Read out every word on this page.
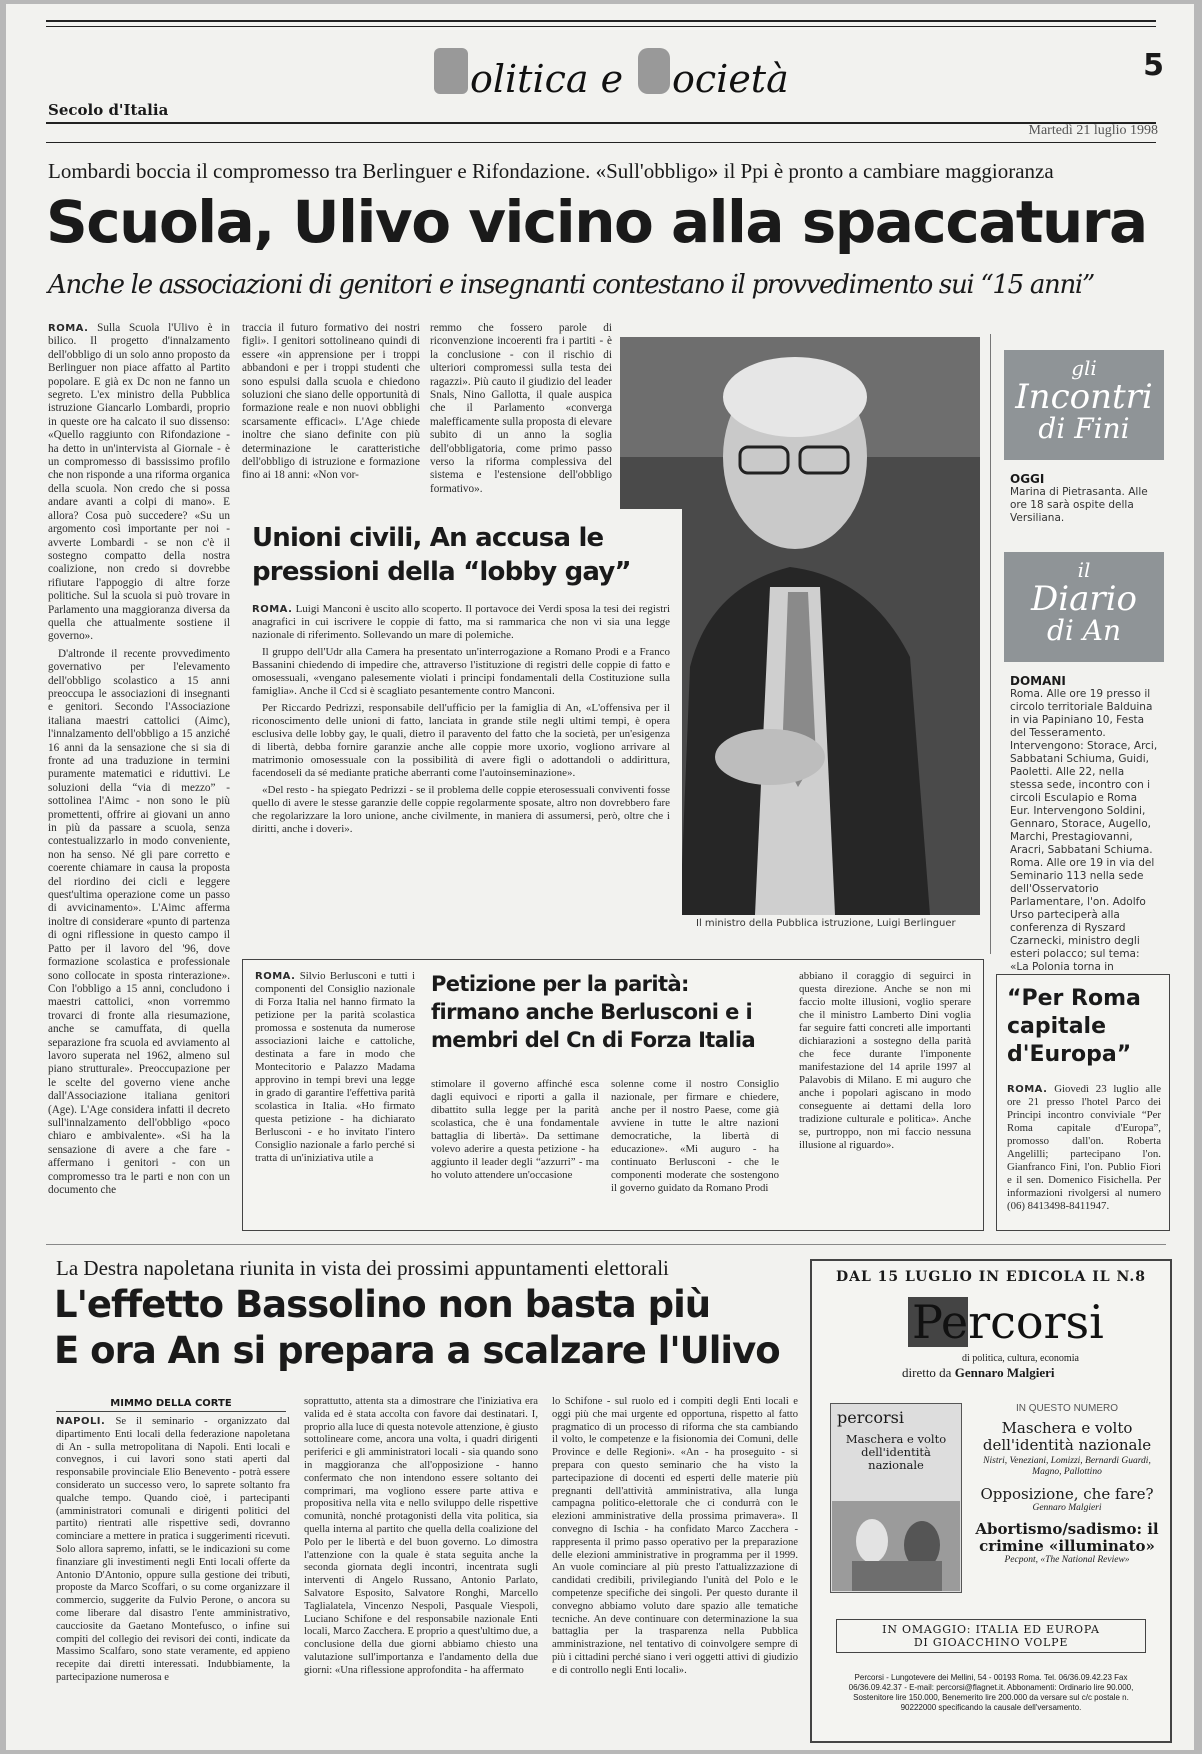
olitica e ocietà	5
Secolo d'Italia
Martedì 21 luglio 1998
Lombardi boccia il compromesso tra Berlinguer e Rifondazione. «Sull'obbligo» il Ppi è pronto a cambiare maggioranza
Scuola, Ulivo vicino alla spaccatura
Anche le associazioni di genitori e insegnanti contestano il provvedimento sui “15 anni”

ROMA. Sulla Scuola l'Ulivo è in bilico. Il progetto d'innalzamento dell'obbligo di un solo anno proposto da Berlinguer non piace affatto al Partito popolare. E già ex Dc non ne fanno un segreto. L'ex ministro della Pubblica istruzione Giancarlo Lombardi, proprio in queste ore ha calcato il suo dissenso: «Quello raggiunto con Rifondazione - ha detto in un'intervista al Giornale - è un compromesso di bassissimo profilo che non risponde a una riforma organica della scuola. Non credo che si possa andare avanti a colpi di mano». E allora? Cosa può succedere? «Su un argomento così importante per noi - avverte Lombardi - se non c'è il sostegno compatto della nostra coalizione, non credo si dovrebbe rifiutare l'appoggio di altre forze politiche. Sul la scuola si può trovare in Parlamento una maggioranza diversa da quella che attualmente sostiene il governo».

D'altronde il recente provvedimento governativo per l'elevamento dell'obbligo scolastico a 15 anni preoccupa le associazioni di insegnanti e genitori. Secondo l'Associazione italiana maestri cattolici (Aimc), l'innalzamento dell'obbligo a 15 anziché 16 anni da la sensazione che si sia di fronte ad una traduzione in termini puramente matematici e riduttivi. Le soluzioni della “via di mezzo” - sottolinea l'Aimc - non sono le più promettenti, offrire ai giovani un anno in più da passare a scuola, senza contestualizzarlo in modo conveniente, non ha senso. Né gli pare corretto e coerente chiamare in causa la proposta del riordino dei cicli e leggere quest'ultima operazione come un passo di avvicinamento». L'Aimc afferma inoltre di considerare «punto di partenza di ogni riflessione in questo campo il Patto per il lavoro del '96, dove formazione scolastica e professionale sono collocate in sposta rinterazione». Con l'obbligo a 15 anni, concludono i maestri cattolici, «non vorremmo trovarci di fronte alla riesumazione, anche se camuffata, di quella separazione fra scuola ed avviamento al lavoro superata nel 1962, almeno sul piano strutturale». Preoccupazione per le scelte del governo viene anche dall'Associazione italiana genitori (Age). L'Age considera infatti il decreto sull'innalzamento dell'obbligo «poco chiaro e ambivalente». «Si ha la sensazione di avere a che fare - affermano i genitori - con un compromesso tra le parti e non con un documento che

traccia il futuro formativo dei nostri figli». I genitori sottolineano quindi di essere «in apprensione per i troppi abbandoni e per i troppi studenti che sono espulsi dalla scuola e chiedono soluzioni che siano delle opportunità di formazione reale e non nuovi obblighi scarsamente efficaci». L'Age chiede inoltre che siano definite con più determinazione le caratteristiche dell'obbligo di istruzione e formazione fino ai 18 anni: «Non vor-
remmo che fossero parole di riconvenzione incoerenti fra i partiti - è la conclusione - con il rischio di ulteriori compromessi sulla testa dei ragazzi». Più cauto il giudizio del leader Snals, Nino Gallotta, il quale auspica che il Parlamento «converga malefficamente sulla proposta di elevare subito di un anno la soglia dell'obbligatoria, come primo passo verso la riforma complessiva del sistema e l'estensione dell'obbligo formativo».
Il ministro della Pubblica istruzione, Luigi Berlinguer
Unioni civili, An accusa le pressioni della “lobby gay”

ROMA. Luigi Manconi è uscito allo scoperto. Il portavoce dei Verdi sposa la tesi dei registri anagrafici in cui iscrivere le coppie di fatto, ma si rammarica che non vi sia una legge nazionale di riferimento. Sollevando un mare di polemiche.

Il gruppo dell'Udr alla Camera ha presentato un'interrogazione a Romano Prodi e a Franco Bassanini chiedendo di impedire che, attraverso l'istituzione di registri delle coppie di fatto e omosessuali, «vengano palesemente violati i principi fondamentali della Costituzione sulla famiglia». Anche il Ccd si è scagliato pesantemente contro Manconi.

Per Riccardo Pedrizzi, responsabile dell'ufficio per la famiglia di An, «L'offensiva per il riconoscimento delle unioni di fatto, lanciata in grande stile negli ultimi tempi, è opera esclusiva delle lobby gay, le quali, dietro il paravento del fatto che la società, per un'esigenza di libertà, debba fornire garanzie anche alle coppie more uxorio, vogliono arrivare al matrimonio omosessuale con la possibilità di avere figli o adottandoli o addirittura, facendoseli da sé mediante pratiche aberranti come l'autoinseminazione».

«Del resto - ha spiegato Pedrizzi - se il problema delle coppie eterosessuali conviventi fosse quello di avere le stesse garanzie delle coppie regolarmente sposate, altro non dovrebbero fare che regolarizzare la loro unione, anche civilmente, in maniera di assumersi, però, oltre che i diritti, anche i doveri».

gli
Incontri
di Fini
OGGI
Marina di Pietrasanta. Alle ore 18 sarà ospite della Versiliana.
il
Diario
di An
DOMANI
Roma. Alle ore 19 presso il circolo territoriale Balduina in via Papiniano 10, Festa del Tesseramento. Intervengono: Storace, Arci, Sabbatani Schiuma, Guidi, Paoletti. Alle 22, nella stessa sede, incontro con i circoli Esculapio e Roma Eur. Intervengono Soldini, Gennaro, Storace, Augello, Marchi, Prestagiovanni, Aracri, Sabbatani Schiuma. Roma. Alle ore 19 in via del Seminario 113 nella sede dell'Osservatorio Parlamentare, l'on. Adolfo Urso parteciperà alla conferenza di Ryszard Czarnecki, ministro degli esteri polacco; sul tema: «La Polonia torna in

ROMA. Silvio Berlusconi e tutti i componenti del Consiglio nazionale di Forza Italia nel hanno firmato la petizione per la parità scolastica promossa e sostenuta da numerose associazioni laiche e cattoliche, destinata a fare in modo che Montecitorio e Palazzo Madama approvino in tempi brevi una legge in grado di garantire l'effettiva parità scolastica in Italia. «Ho firmato questa petizione - ha dichiarato Berlusconi - e ho invitato l'intero Consiglio nazionale a farlo perché si tratta di un'iniziativa utile a

Petizione per la parità: firmano anche Berlusconi e i membri del Cn di Forza Italia
stimolare il governo affinché esca dagli equivoci e riporti a galla il dibattito sulla legge per la parità scolastica, che è una fondamentale battaglia di libertà». Da settimane volevo aderire a questa petizione - ha aggiunto il leader degli “azzurri” - ma ho voluto attendere un'occasione
solenne come il nostro Consiglio nazionale, per firmare e chiedere, anche per il nostro Paese, come già avviene in tutte le altre nazioni democratiche, la libertà di educazione». «Mi auguro - ha continuato Berlusconi - che le componenti moderate che sostengono il governo guidato da Romano Prodi
abbiano il coraggio di seguirci in questa direzione. Anche se non mi faccio molte illusioni, voglio sperare che il ministro Lamberto Dini voglia far seguire fatti concreti alle importanti dichiarazioni a sostegno della parità che fece durante l'imponente manifestazione del 14 aprile 1997 al Palavobis di Milano. E mi auguro che anche i popolari agiscano in modo conseguente ai dettami della loro tradizione culturale e politica». Anche se, purtroppo, non mi faccio nessuna illusione al riguardo».
“Per Roma capitale d'Europa”

ROMA. Giovedì 23 luglio alle ore 21 presso l'hotel Parco dei Principi incontro conviviale “Per Roma capitale d'Europa”, promosso dall'on. Roberta Angelilli; partecipano l'on. Gianfranco Fini, l'on. Publio Fiori e il sen. Domenico Fisichella. Per informazioni rivolgersi al numero (06) 8413498-8411947.

La Destra napoletana riunita in vista dei prossimi appuntamenti elettorali
L'effetto Bassolino non basta più
E ora An si prepara a scalzare l'Ulivo
MIMMO DELLA CORTE

NAPOLI. Se il seminario - organizzato dal dipartimento Enti locali della federazione napoletana di An - sulla metropolitana di Napoli. Enti locali e convegnos, i cui lavori sono stati aperti dal responsabile provinciale Elio Benevento - potrà essere considerato un successo vero, lo saprete soltanto fra qualche tempo. Quando cioè, i partecipanti (amministratori comunali e dirigenti politici del partito) rientrati alle rispettive sedi, dovranno cominciare a mettere in pratica i suggerimenti ricevuti. Solo allora sapremo, infatti, se le indicazioni su come finanziare gli investimenti negli Enti locali offerte da Antonio D'Antonio, oppure sulla gestione dei tributi, proposte da Marco Scoffari, o su come organizzare il commercio, suggerite da Fulvio Perone, o ancora su come liberare dal disastro l'ente amministrativo, caucciosite da Gaetano Montefusco, o infine sui compiti del collegio dei revisori dei conti, indicate da Massimo Scalfaro, sono state veramente, ed appieno recepite dai diretti interessati. Indubbiamente, la partecipazione numerosa e

soprattutto, attenta sta a dimostrare che l'iniziativa era valida ed è stata accolta con favore dai destinatari. I, proprio alla luce di questa notevole attenzione, è giusto sottolineare come, ancora una volta, i quadri dirigenti periferici e gli amministratori locali - sia quando sono in maggioranza che all'opposizione - hanno confermato che non intendono essere soltanto dei comprimari, ma vogliono essere parte attiva e propositiva nella vita e nello sviluppo delle rispettive comunità, nonché protagonisti della vita politica, sia quella interna al partito che quella della coalizione del Polo per le libertà e del buon governo. Lo dimostra l'attenzione con la quale è stata seguita anche la seconda giornata degli incontri, incentrata sugli interventi di Angelo Russano, Antonio Parlato, Salvatore Esposito, Salvatore Ronghi, Marcello Taglialatela, Vincenzo Nespoli, Pasquale Viespoli, Luciano Schifone e del responsabile nazionale Enti locali, Marco Zacchera. E proprio a quest'ultimo due, a conclusione della due giorni abbiamo chiesto una valutazione sull'importanza e l'andamento della due giorni: «Una riflessione approfondita - ha affermato
lo Schifone - sul ruolo ed i compiti degli Enti locali e oggi più che mai urgente ed opportuna, rispetto al fatto pragmatico di un processo di riforma che sta cambiando il volto, le competenze e la fisionomia dei Comuni, delle Province e delle Regioni». «An - ha proseguito - si prepara con questo seminario che ha visto la partecipazione di docenti ed esperti delle materie più pregnanti dell'attività amministrativa, alla lunga campagna politico-elettorale che ci condurrà con le elezioni amministrative della prossima primavera». Il convegno di Ischia - ha confidato Marco Zacchera - rappresenta il primo passo operativo per la preparazione delle elezioni amministrative in programma per il 1999. An vuole cominciare al più presto l'attualizzazione di candidati credibili, privilegiando l'unità del Polo e le competenze specifiche dei singoli. Per questo durante il convegno abbiamo voluto dare spazio alle tematiche tecniche. An deve continuare con determinazione la sua battaglia per la trasparenza nella Pubblica amministrazione, nel tentativo di coinvolgere sempre di più i cittadini perché siano i veri oggetti attivi di giudizio e di controllo negli Enti locali».
DAL 15 LUGLIO IN EDICOLA IL N.8
Percorsi
di politica, cultura, economia
diretto da Gennaro Malgieri
percorsi
Maschera e volto dell'identità nazionale
IN QUESTO NUMERO
Maschera e volto dell'identità nazionale
Nistri, Veneziani, Lomizzi, Bernardi Guardi, Magno, Pallottino
Opposizione, che fare?
Gennaro Malgieri
Abortismo/sadismo: il crimine «illuminato»
Pecpont, «The National Review»
IN OMAGGIO: ITALIA ED EUROPA
DI GIOACCHINO VOLPE
Percorsi - Lungotevere dei Mellini, 54 - 00193 Roma. Tel. 06/36.09.42.23 Fax 06/36.09.42.37 - E-mail: percorsi@flagnet.it. Abbonamenti: Ordinario lire 90.000, Sostenitore lire 150.000, Benemerito lire 200.000 da versare sul c/c postale n. 90222000 specificando la causale dell'versamento.
